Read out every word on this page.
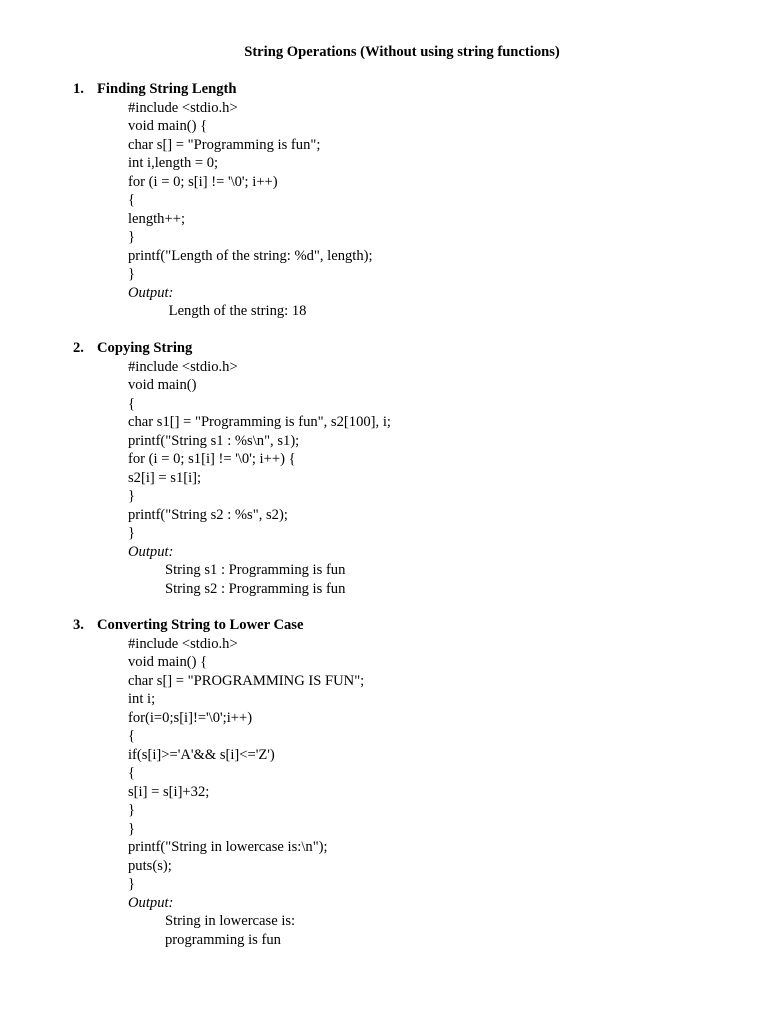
String Operations (Without using string functions)
1. Finding String Length
#include <stdio.h>
void main() {
char s[] = "Programming is fun";
int i,length = 0;
for (i = 0; s[i] != '\0'; i++)
{
length++;
}
printf("Length of the string: %d", length);
}
Output:
Length of the string: 18
2. Copying String
#include <stdio.h>
void main()
{
char s1[] = "Programming is fun", s2[100], i;
printf("String s1 : %s\n", s1);
for (i = 0; s1[i] != '\0'; i++) {
s2[i] = s1[i];
}
printf("String s2 : %s", s2);
}
Output:
String s1 : Programming is fun
String s2 : Programming is fun
3. Converting String to Lower Case
#include <stdio.h>
void main() {
char s[] = "PROGRAMMING IS FUN";
int i;
for(i=0;s[i]!='\0';i++)
{
if(s[i]>='A'&& s[i]<='Z')
{
s[i] = s[i]+32;
}
}
printf("String in lowercase is:\n");
puts(s);
}
Output:
String in lowercase is:
programming is fun
